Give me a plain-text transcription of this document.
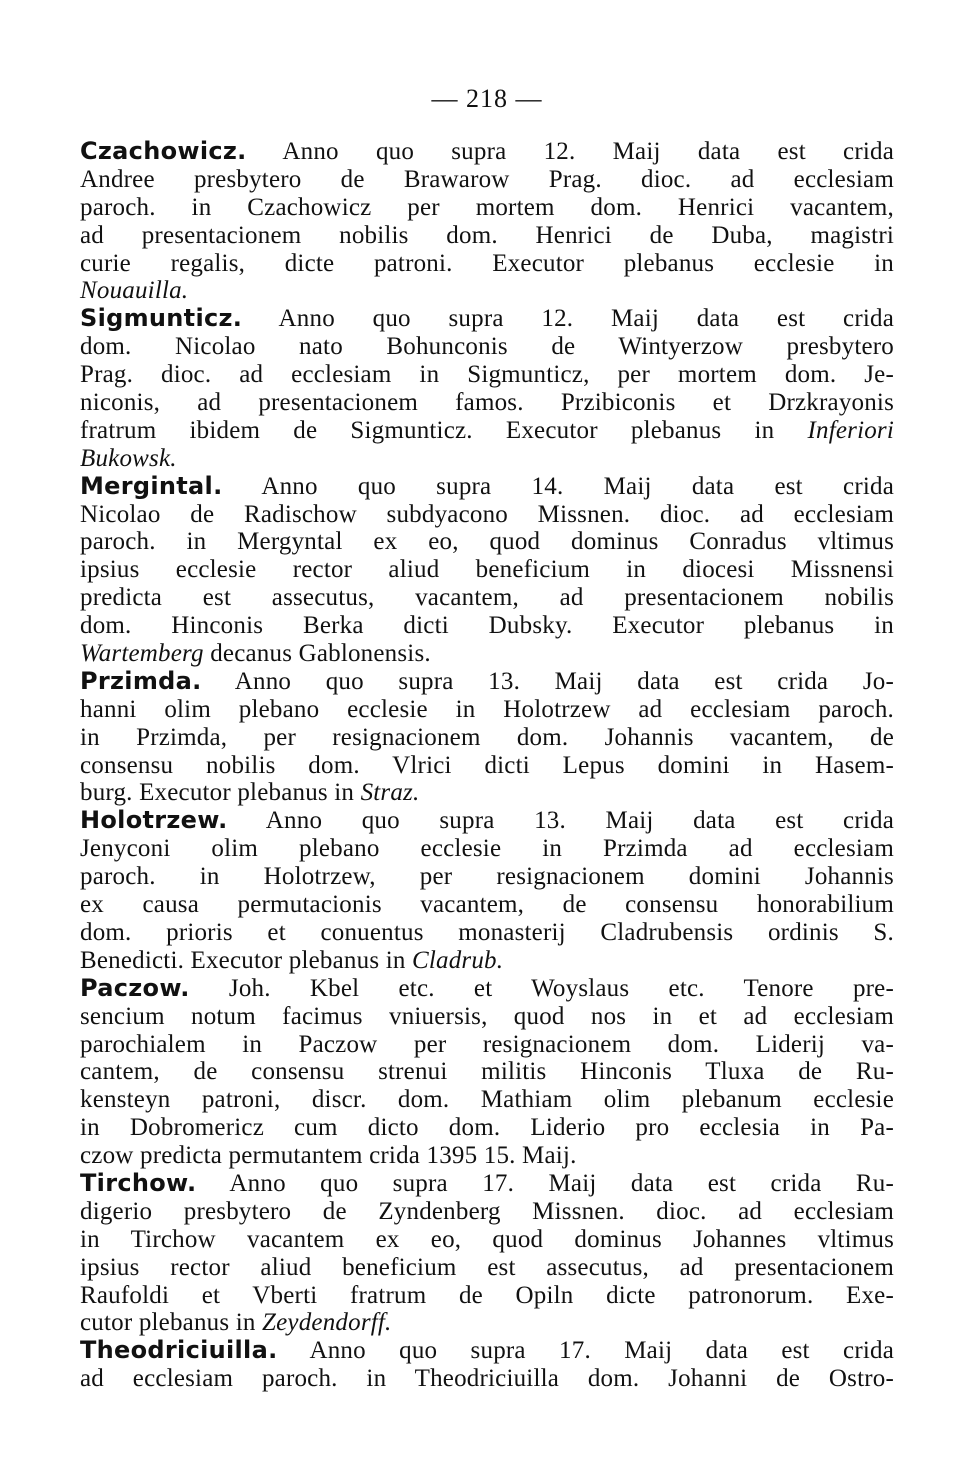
— 218 —
Czachowicz. Anno quo supra 12. Maij data est crida
Andree presbytero de Brawarow Prag. dioc. ad ecclesiam
paroch. in Czachowicz per mortem dom. Henrici vacantem,
ad presentacionem nobilis dom. Henrici de Duba, magistri
curie regalis, dicte patroni. Executor plebanus ecclesie in
Nouauilla.
Sigmunticz. Anno quo supra 12. Maij data est crida
dom. Nicolao nato Bohunconis de Wintyerzow presbytero
Prag. dioc. ad ecclesiam in Sigmunticz, per mortem dom. Je-
niconis, ad presentacionem famos. Przibiconis et Drzkrayonis
fratrum ibidem de Sigmunticz. Executor plebanus in Inferiori
Bukowsk.
Mergintal. Anno quo supra 14. Maij data est crida
Nicolao de Radischow subdyacono Missnen. dioc. ad ecclesiam
paroch. in Mergyntal ex eo, quod dominus Conradus vltimus
ipsius ecclesie rector aliud beneficium in diocesi Missnensi
predicta est assecutus, vacantem, ad presentacionem nobilis
dom. Hinconis Berka dicti Dubsky. Executor plebanus in
Wartemberg decanus Gablonensis.
Przimda. Anno quo supra 13. Maij data est crida Jo-
hanni olim plebano ecclesie in Holotrzew ad ecclesiam paroch.
in Przimda, per resignacionem dom. Johannis vacantem, de
consensu nobilis dom. Vlrici dicti Lepus domini in Hasem-
burg. Executor plebanus in Straz.
Holotrzew. Anno quo supra 13. Maij data est crida
Jenyconi olim plebano ecclesie in Przimda ad ecclesiam
paroch. in Holotrzew, per resignacionem domini Johannis
ex causa permutacionis vacantem, de consensu honorabilium
dom. prioris et conuentus monasterij Cladrubensis ordinis S.
Benedicti. Executor plebanus in Cladrub.
Paczow. Joh. Kbel etc. et Woyslaus etc. Tenore pre-
sencium notum facimus vniuersis, quod nos in et ad ecclesiam
parochialem in Paczow per resignacionem dom. Liderij va-
cantem, de consensu strenui militis Hinconis Tluxa de Ru-
kensteyn patroni, discr. dom. Mathiam olim plebanum ecclesie
in Dobromericz cum dicto dom. Liderio pro ecclesia in Pa-
czow predicta permutantem crida 1395 15. Maij.
Tirchow. Anno quo supra 17. Maij data est crida Ru-
digerio presbytero de Zyndenberg Missnen. dioc. ad ecclesiam
in Tirchow vacantem ex eo, quod dominus Johannes vltimus
ipsius rector aliud beneficium est assecutus, ad presentacionem
Raufoldi et Vberti fratrum de Opiln dicte patronorum. Exe-
cutor plebanus in Zeydendorff.
Theodriciuilla. Anno quo supra 17. Maij data est crida
ad ecclesiam paroch. in Theodriciuilla dom. Johanni de Ostro-
